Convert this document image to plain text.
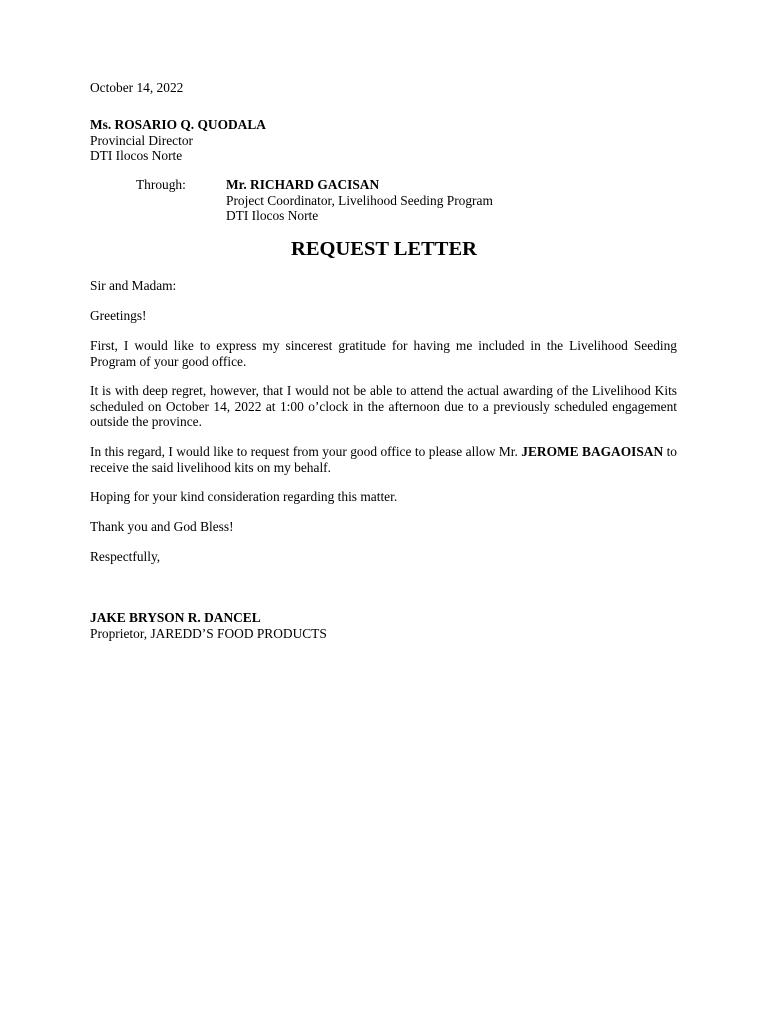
October 14, 2022
Ms. ROSARIO Q. QUODALA
Provincial Director
DTI Ilocos Norte
Through:	Mr. RICHARD GACISAN
Project Coordinator, Livelihood Seeding Program
DTI Ilocos Norte
REQUEST LETTER
Sir and Madam:
Greetings!

First, I would like to express my sincerest gratitude for having me included in the Livelihood Seeding Program of your good office.

It is with deep regret, however, that I would not be able to attend the actual awarding of the Livelihood Kits scheduled on October 14, 2022 at 1:00 o’clock in the afternoon due to a previously scheduled engagement outside the province.

In this regard, I would like to request from your good office to please allow Mr. JEROME BAGAOISAN to receive the said livelihood kits on my behalf.

Hoping for your kind consideration regarding this matter.
Thank you and God Bless!
Respectfully,
JAKE BRYSON R. DANCEL
Proprietor, JAREDD’S FOOD PRODUCTS
